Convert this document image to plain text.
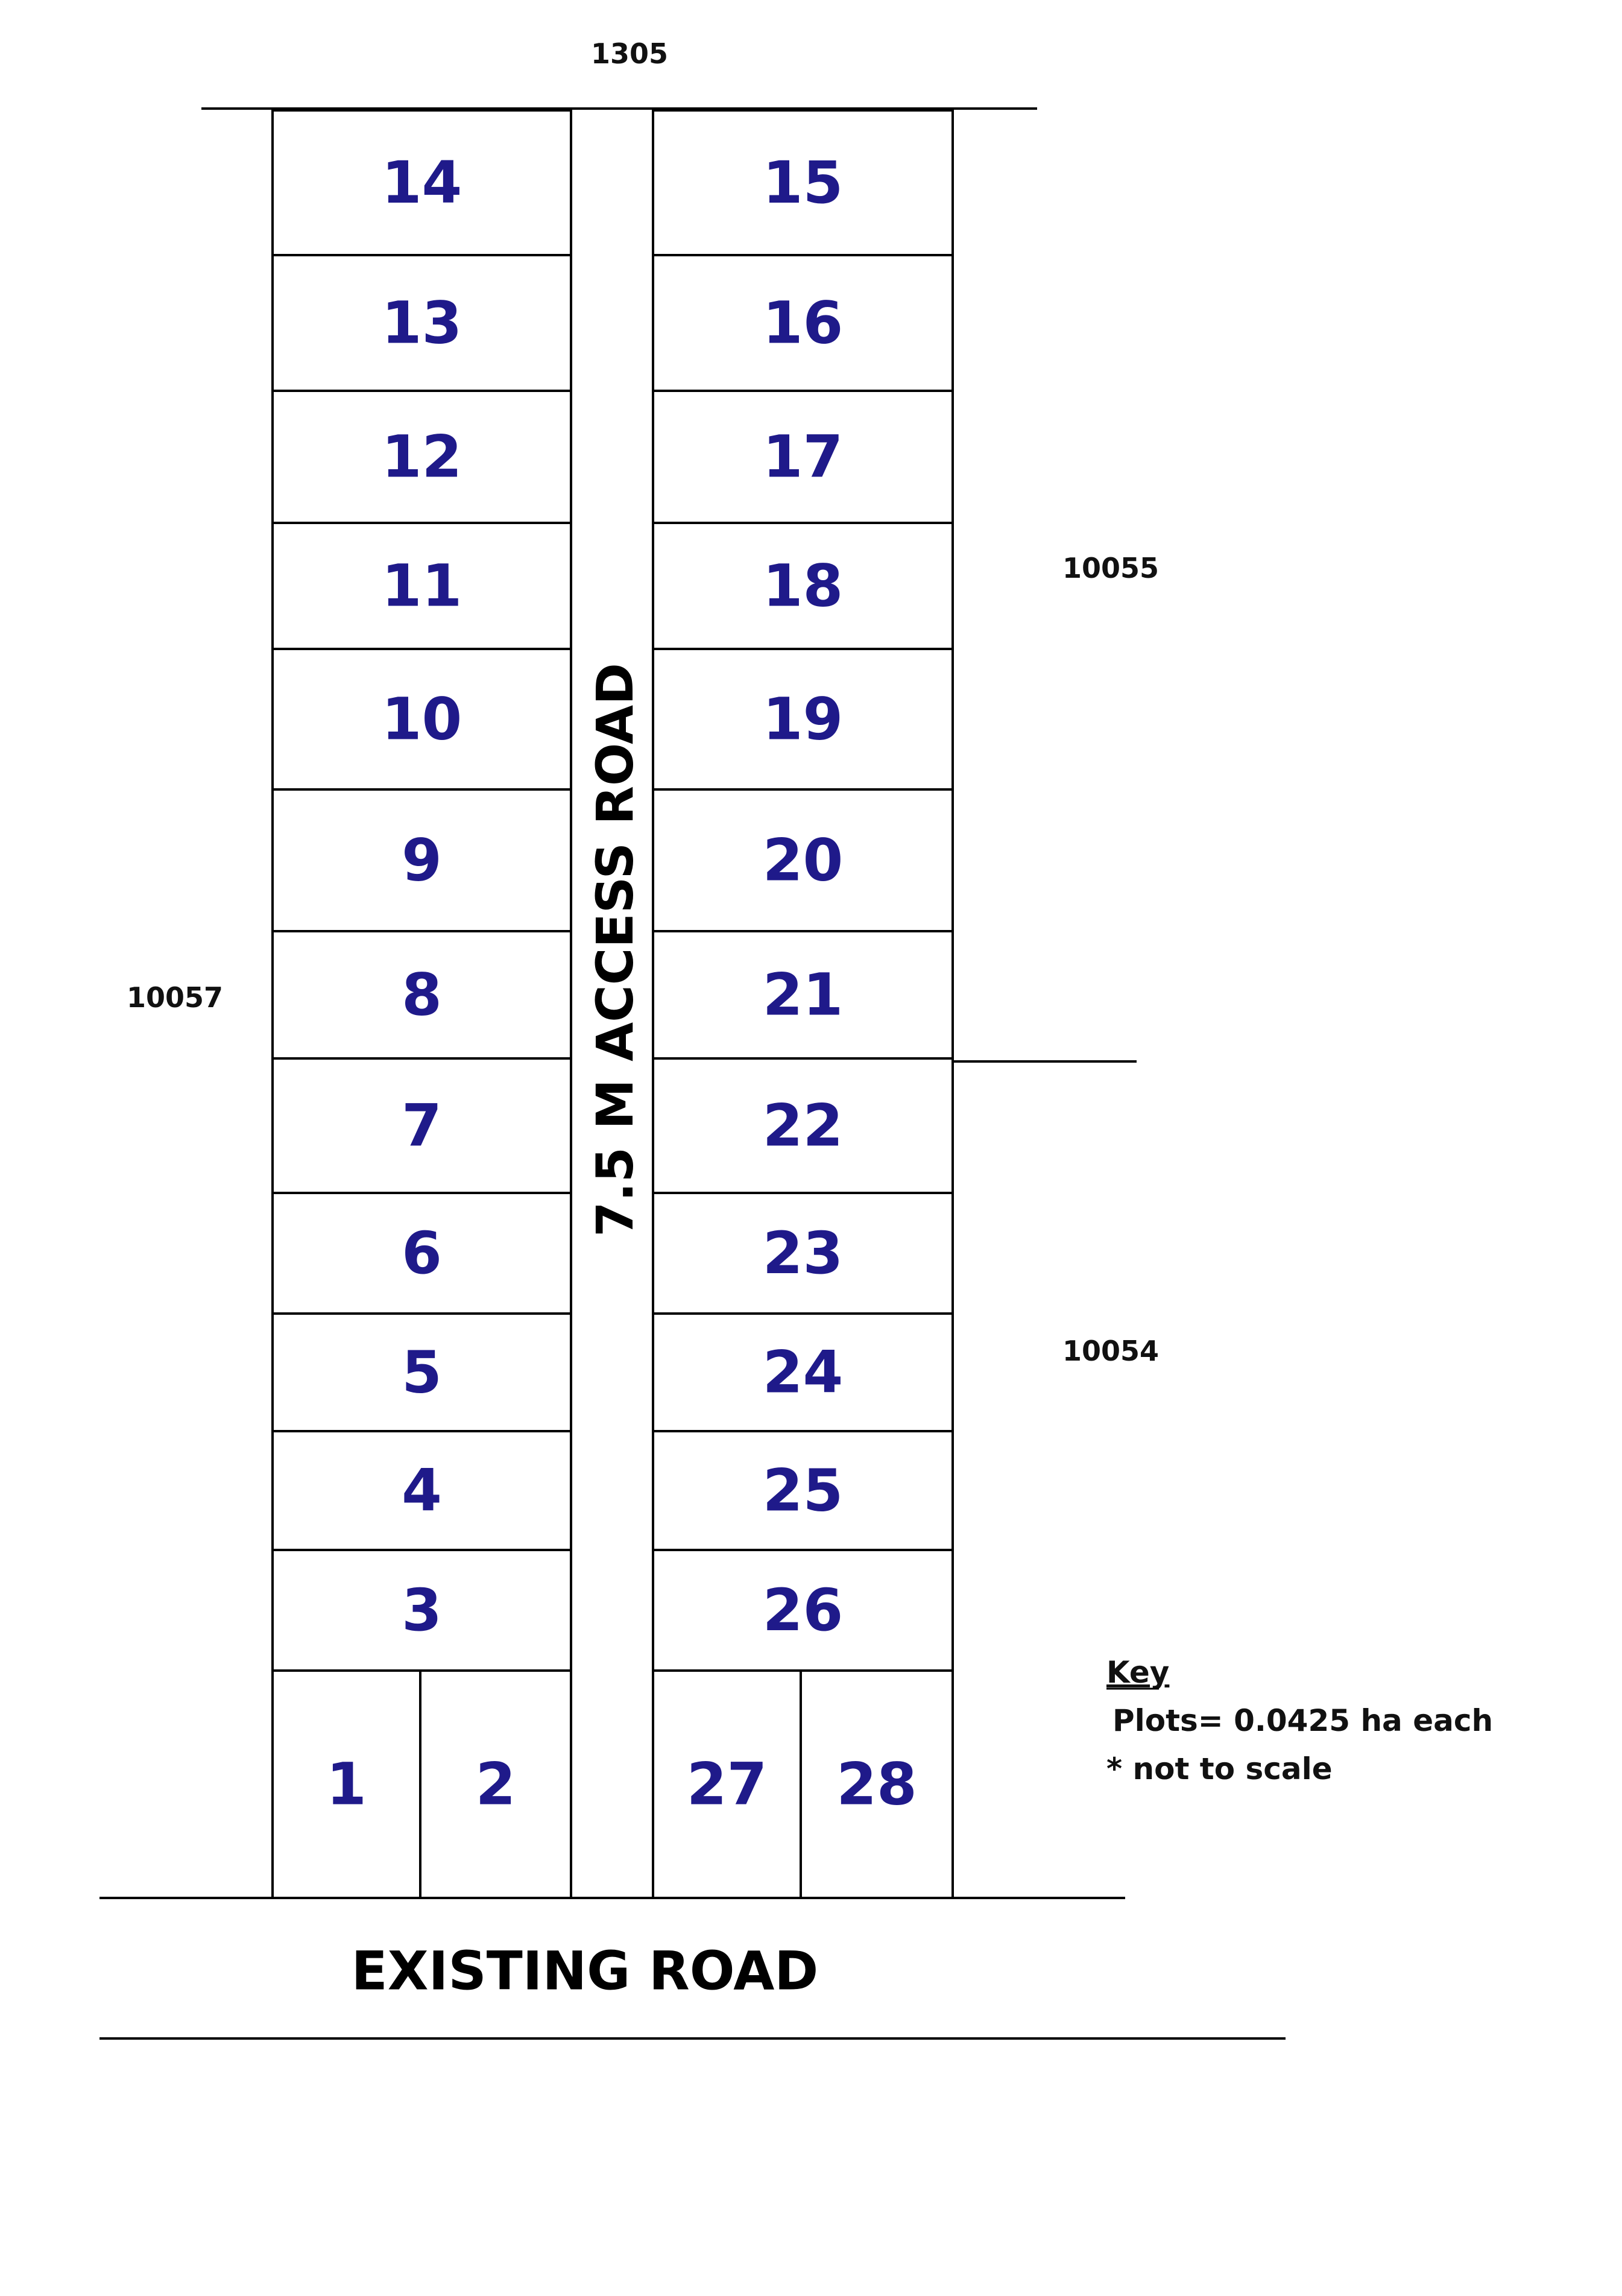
1305
10057
10055
10054
14
13
12
11
10
9
8
7
6
5
4
3
15
16
17
18
19
20
21
22
23
24
25
26
1 2	27 28
7.5 M ACCESS ROAD
EXISTING ROAD
Key
Plots= 0.0425 ha each
* not to scale
